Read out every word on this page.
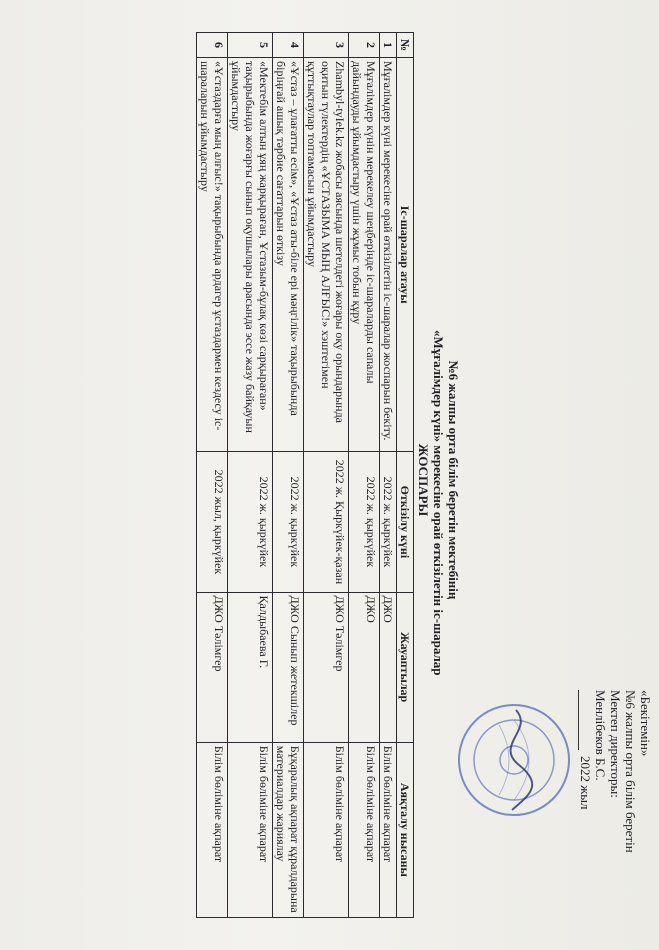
«Бекітемін»
№6 жалпы орта білім беретін
Мектеп директоры:
Менлібеков Б.С.
2022 жыл
№6 жалпы орта білім беретін мектебінің
«Мұғалімдер күні» мерекесіне орай өткізілетін іс-шаралар
ЖОСПАРЫ
№	Іс-шаралар атауы	Өткізілу күні	Жауаптылар	Аяқталу нысаны
1	Мұғалімдер күні мерекесіне орай өткізілетін іс-шаралар жоспарын бекіту.	2022 ж. қыркүйек	ДЖО	Білім бөліміне ақпарат
2	Мұғалімдер күнін мерекелеу шеңберінде іс-шараларды сапалы дайындауды ұйымдастыру үшін жұмыс тобын құру	2022 ж. қыркүйек	ДЖО	Білім бөліміне ақпарат
3	Zhambyl-tyІek.kz жобасы аясында шетелдегі жоғары оқу орындарында оқитын түлектердің «ҰСТАЗЫМА МЫҢ АЛҒЫС!» хэштегімен құттықтаулар топтамасын ұйымдастыру	2022 ж. Қыркүйек-қазан	ДЖО Тәлімгер	Білім бөліміне ақпарат
4	«Ұстаз – ұлағатты есім», «Ұстаз аты-біле ері мәңгілік» тақырыбында біріңғай ашық тәрбие сағаттарын өткізу	2022 ж. қыркүйек	ДЖО Сынып жетекшілер	Бұқаралық ақпарат құралдарына материалдар жариялау
5	«Мектебім алтын ұяң жарқыраған, Ұстазым-бұлақ көзі сарқыраған» тақырыбында жоғарғы сынып оқушылары арасында эссе жазу байқауын ұйымдастыру	2022 ж. қыркүйек	Қалдыбаева Г.	Білім бөліміне ақпарат
6	«Ұстаздарға мың алғыс!» тақырыбында ардагер ұстаздармен кездесу іс-шараларын ұйымдастыру	2022 жыл, қыркүйек	ДЖО Тәлімгер	Білім бөліміне ақпарат
